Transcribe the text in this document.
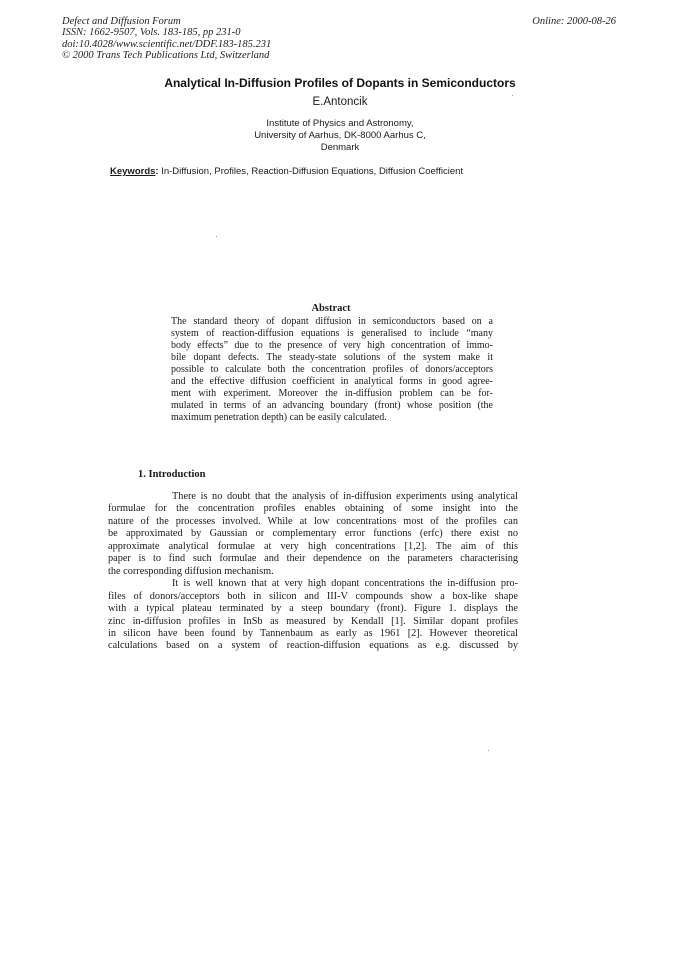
Defect and Diffusion Forum
ISSN: 1662-9507, Vols. 183-185, pp 231-0
doi:10.4028/www.scientific.net/DDF.183-185.231
© 2000 Trans Tech Publications Ltd, Switzerland
Online: 2000-08-26
Analytical In-Diffusion Profiles of Dopants in Semiconductors
E.Antoncik
Institute of Physics and Astronomy,
University of Aarhus, DK-8000 Aarhus C,
Denmark
Keywords: In-Diffusion, Profiles, Reaction-Diffusion Equations, Diffusion Coefficient
Abstract
The standard theory of dopant diffusion in semiconductors based on a
system of reaction-diffusion equations is generalised to include “many
body effects” due to the presence of very high concentration of immo-
bile dopant defects. The steady-state solutions of the system make it
possible to calculate both the concentration profiles of donors/acceptors
and the effective diffusion coefficient in analytical forms in good agree-
ment with experiment. Moreover the in-diffusion problem can be for-
mulated in terms of an advancing boundary (front) whose position (the
maximum penetration depth) can be easily calculated.
1. Introduction
There is no doubt that the analysis of in-diffusion experiments using analytical
formulae for the concentration profiles enables obtaining of some insight into the
nature of the processes involved. While at low concentrations most of the profiles can
be approximated by Gaussian or complementary error functions (erfc) there exist no
approximate analytical formulae at very high concentrations [1,2]. The aim of this
paper is to find such formulae and their dependence on the parameters characterising
the corresponding diffusion mechanism.
It is well known that at very high dopant concentrations the in-diffusion pro-
files of donors/acceptors both in silicon and III-V compounds show a box-like shape
with a typical plateau terminated by a steep boundary (front). Figure 1. displays the
zinc in-diffusion profiles in InSb as measured by Kendall [1]. Similar dopant profiles
in silicon have been found by Tannenbaum as early as 1961 [2]. However theoretical
calculations based on a system of reaction-diffusion equations as e.g. discussed by
